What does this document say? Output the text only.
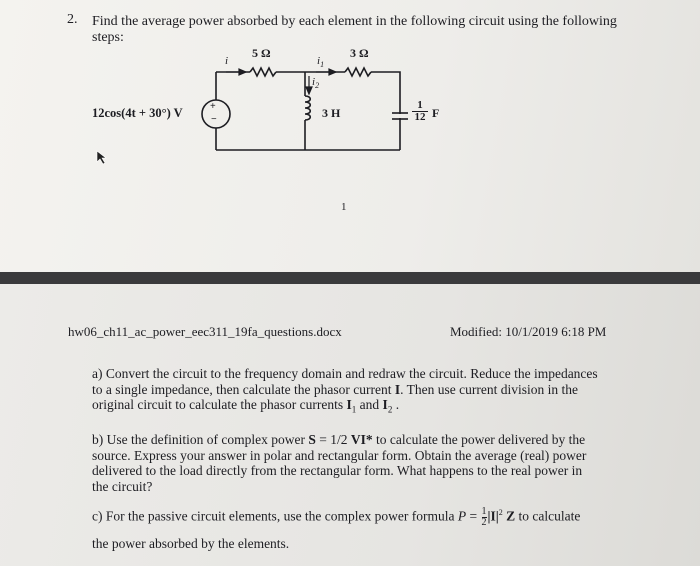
2. Find the average power absorbed by each element in the following circuit using the following
steps:
5 Ω	3 Ω
i	$i_1$
$i_2$
3 H
+
−
12cos(4t + 30°) V	$\frac{1}{12}$ F
1
hw06_ch11_ac_power_eec311_19fa_questions.docx	Modified: 10/1/2019 6:18 PM
a) Convert the circuit to the frequency domain and redraw the circuit. Reduce the impedances
to a single impedance, then calculate the phasor current I. Then use current division in the
original circuit to calculate the phasor currents $I_1$ and $I_2$ .
b) Use the definition of complex power S = 1/2 VI* to calculate the power delivered by the
source. Express your answer in polar and rectangular form. Obtain the average (real) power
delivered to the load directly from the rectangular form. What happens to the real power in
the circuit?
c) For the passive circuit elements, use the complex power formula $P = \frac{1}{2} |I|^2$ Z to calculate
the power absorbed by the elements.
